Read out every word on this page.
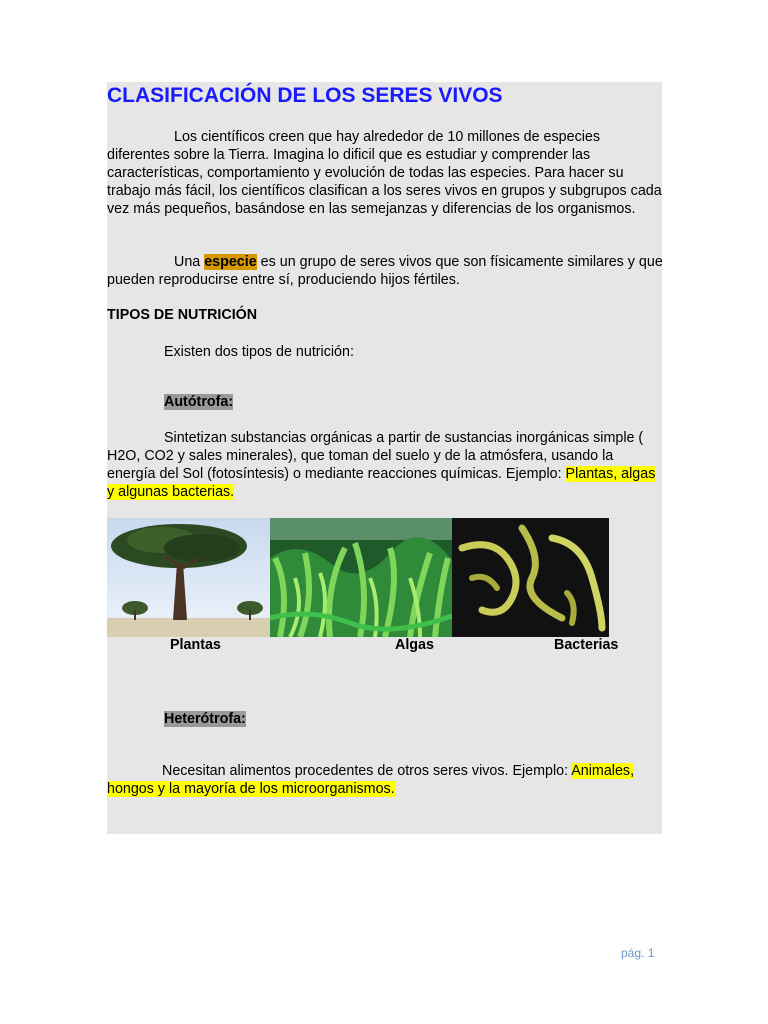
CLASIFICACIÓN DE LOS SERES VIVOS

Los científicos creen que hay alrededor de 10 millones de especies diferentes sobre la Tierra. Imagina lo dificil que es estudiar y comprender las características, comportamiento y evolución de todas las especies. Para hacer su trabajo más fácil, los científicos clasifican a los seres vivos en grupos y subgrupos cada vez más pequeños, basándose en las semejanzas y diferencias de los organismos.

Una especie es un grupo de seres vivos que son físicamente similares y que pueden reproducirse entre sí, produciendo hijos fértiles.

TIPOS DE NUTRICIÓN

Existen dos tipos de nutrición:

Autótrofa:

Sintetizan substancias orgánicas a partir de sustancias inorgánicas simple ( H2O, CO2 y sales minerales), que toman del suelo y de la atmósfera, usando la energía del Sol (fotosíntesis) o mediante reacciones químicas. Ejemplo: Plantas, algas y algunas bacterias.

Plantas	Algas	Bacterias

Heterótrofa:

Necesitan alimentos procedentes de otros seres vivos. Ejemplo: Animales, hongos y la mayoría de los microorganismos.

pág. 1
